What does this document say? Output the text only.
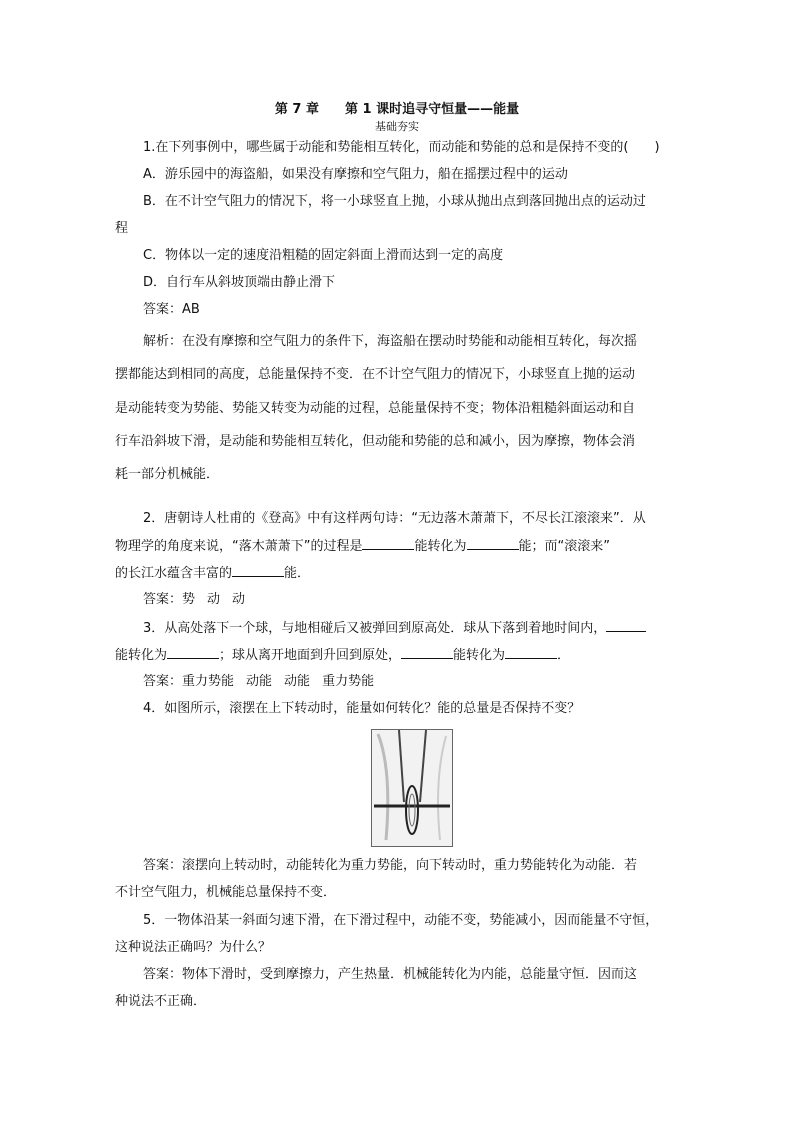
第 7 章 第 1 课时追寻守恒量——能量
基础夯实
1.在下列事例中，哪些属于动能和势能相互转化，而动能和势能的总和是保持不变的(　　)
A．游乐园中的海盗船，如果没有摩擦和空气阻力，船在摇摆过程中的运动
B．在不计空气阻力的情况下，将一小球竖直上抛，小球从抛出点到落回抛出点的运动过
程
C．物体以一定的速度沿粗糙的固定斜面上滑而达到一定的高度
D．自行车从斜坡顶端由静止滑下
答案：AB
解析：在没有摩擦和空气阻力的条件下，海盗船在摆动时势能和动能相互转化，每次摇
摆都能达到相同的高度，总能量保持不变．在不计空气阻力的情况下，小球竖直上抛的运动
是动能转变为势能、势能又转变为动能的过程，总能量保持不变；物体沿粗糙斜面运动和自
行车沿斜坡下滑，是动能和势能相互转化，但动能和势能的总和减小，因为摩擦，物体会消
耗一部分机械能．
2．唐朝诗人杜甫的《登高》中有这样两句诗：“无边落木萧萧下，不尽长江滚滚来”．从
物理学的角度来说，“落木萧萧下”的过程是	能转化为	能；而“滚滚来”
的长江水蕴含丰富的	能．
答案：势 动 动
3．从高处落下一个球，与地相碰后又被弹回到原高处．球从下落到着地时间内，
能转化为	；球从离开地面到升回到原处，	能转化为	．
答案：重力势能 动能 动能 重力势能
4．如图所示，滚摆在上下转动时，能量如何转化？能的总量是否保持不变？
答案：滚摆向上转动时，动能转化为重力势能，向下转动时，重力势能转化为动能．若
不计空气阻力，机械能总量保持不变．
5．一物体沿某一斜面匀速下滑，在下滑过程中，动能不变，势能减小，因而能量不守恒，
这种说法正确吗？为什么？
答案：物体下滑时，受到摩擦力，产生热量．机械能转化为内能，总能量守恒．因而这
种说法不正确．
